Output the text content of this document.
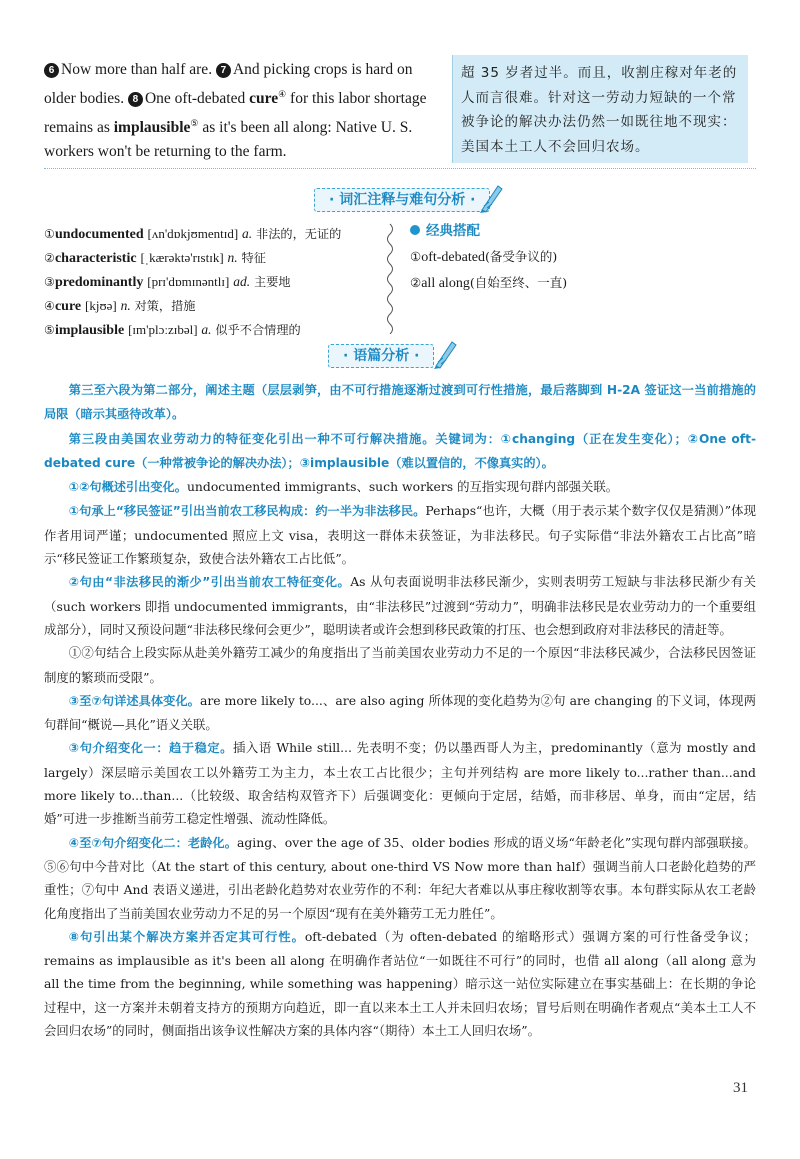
6 Now more than half are. 7 And picking crops is hard on older bodies. 8 One oft-debated cure④ for this labor shortage remains as implausible⑤ as it's been all along: Native U. S. workers won't be returning to the farm.
超 35 岁者过半。而且，收割庄稼对年老的人而言很难。针对这一劳动力短缺的一个常被争论的解决办法仍然一如既往地不现实：美国本土工人不会回归农场。
· 词汇注释与难句分析 ·
①undocumented [ʌn'dɒkjʊmentɪd] a. 非法的，无证的
②characteristic [ˌkærəktə'rɪstɪk] n. 特征
③predominantly [prɪ'dɒmɪnəntlɪ] ad. 主要地
④cure [kjʊə] n. 对策，措施
⑤implausible [ɪm'plɔːzɪbəl] a. 似乎不合情理的
经典搭配
①oft-debated(备受争议的)
②all along(自始至终、一直)
· 语篇分析 ·

第三至六段为第二部分，阐述主题（层层剥笋，由不可行措施逐渐过渡到可行性措施，最后落脚到 H-2A 签证这一当前措施的局限（暗示其亟待改革）。

第三段由美国农业劳动力的特征变化引出一种不可行解决措施。关键词为：①changing（正在发生变化）；②One oft-debated cure（一种常被争论的解决办法）；③implausible（难以置信的，不像真实的）。

①②句概述引出变化。undocumented immigrants、such workers 的互指实现句群内部强关联。

①句承上“移民签证”引出当前农工移民构成：约一半为非法移民。Perhaps“也许，大概（用于表示某个数字仅仅是猜测）”体现作者用词严谨；undocumented 照应上文 visa，表明这一群体未获签证，为非法移民。句子实际借“非法外籍农工占比高”暗示“移民签证工作繁琐复杂，致使合法外籍农工占比低”。

②句由“非法移民的渐少”引出当前农工特征变化。As 从句表面说明非法移民渐少，实则表明劳工短缺与非法移民渐少有关（such workers 即指 undocumented immigrants，由“非法移民”过渡到“劳动力”，明确非法移民是农业劳动力的一个重要组成部分），同时又预设问题“非法移民缘何会更少”，聪明读者或许会想到移民政策的打压、也会想到政府对非法移民的清赶等。

①②句结合上段实际从赴美外籍劳工减少的角度指出了当前美国农业劳动力不足的一个原因“非法移民减少，合法移民因签证制度的繁琐而受限”。

③至⑦句详述具体变化。are more likely to...、are also aging 所体现的变化趋势为②句 are changing 的下义词，体现两句群间“概说—具化”语义关联。

③句介绍变化一：趋于稳定。插入语 While still... 先表明不变；仍以墨西哥人为主，predominantly（意为 mostly and largely）深层暗示美国农工以外籍劳工为主力，本土农工占比很少；主句并列结构 are more likely to...rather than...and more likely to...than...（比较级、取舍结构双管齐下）后强调变化：更倾向于定居，结婚，而非移居、单身，而由“定居，结婚”可进一步推断当前劳工稳定性增强、流动性降低。

④至⑦句介绍变化二：老龄化。aging、over the age of 35、older bodies 形成的语义场“年龄老化”实现句群内部强联接。⑤⑥句中今昔对比（At the start of this century, about one-third VS Now more than half）强调当前人口老龄化趋势的严重性；⑦句中 And 表语义递进，引出老龄化趋势对农业劳作的不利：年纪大者难以从事庄稼收割等农事。本句群实际从农工老龄化角度指出了当前美国农业劳动力不足的另一个原因“现有在美外籍劳工无力胜任”。

⑧句引出某个解决方案并否定其可行性。oft-debated（为 often-debated 的缩略形式）强调方案的可行性备受争议；remains as implausible as it's been all along 在明确作者站位“一如既往不可行”的同时，也借 all along（all along 意为 all the time from the beginning, while something was happening）暗示这一站位实际建立在事实基础上：在长期的争论过程中，这一方案并未朝着支持方的预期方向趋近，即一直以来本土工人并未回归农场；冒号后则在明确作者观点“美本土工人不会回归农场”的同时，侧面指出该争议性解决方案的具体内容“（期待）本土工人回归农场”。

31
